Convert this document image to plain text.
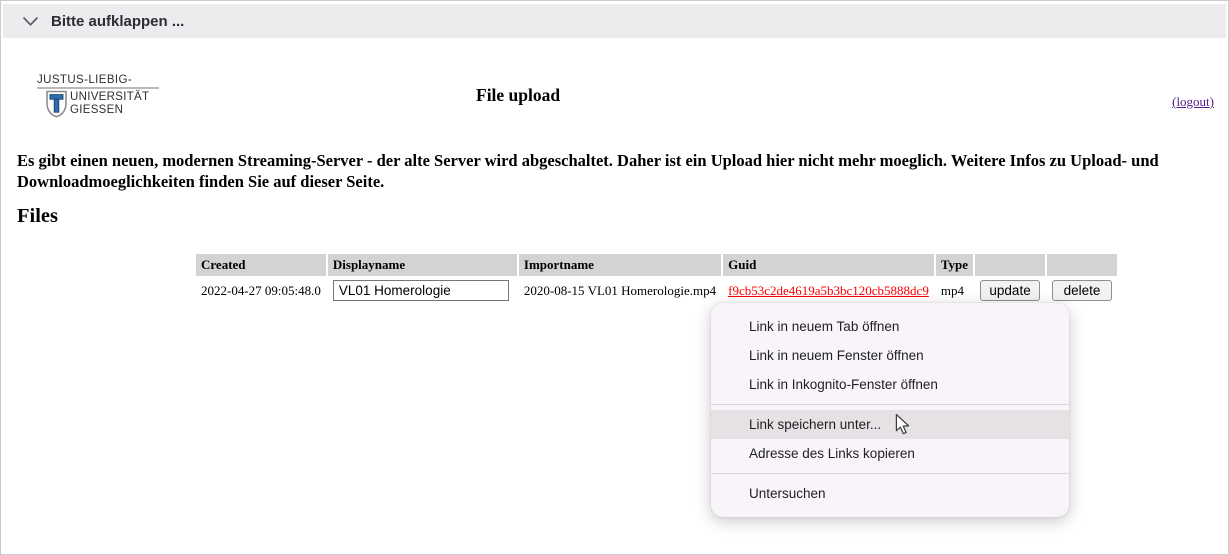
Bitte aufklappen ...
JUSTUS-LIEBIG-
UNIVERSITÄT
GIESSEN
File upload	(logout)

Es gibt einen neuen, modernen Streaming-Server - der alte Server wird abgeschaltet. Daher ist ein Upload hier nicht mehr moeglich. Weitere Infos zu Upload- und Downloadmoeglichkeiten finden Sie auf dieser Seite.

Files
Created	Displayname	Importname	Guid	Type		
2022-04-27 09:05:48.0	VL01 Homerologie	2020-08-15 VL01 Homerologie.mp4	f9cb53c2de4619a5b3bc120cb5888dc9	mp4	update	delete
Link in neuem Tab öffnen
Link in neuem Fenster öffnen
Link in Inkognito-Fenster öffnen
Link speichern unter...
Adresse des Links kopieren
Untersuchen
